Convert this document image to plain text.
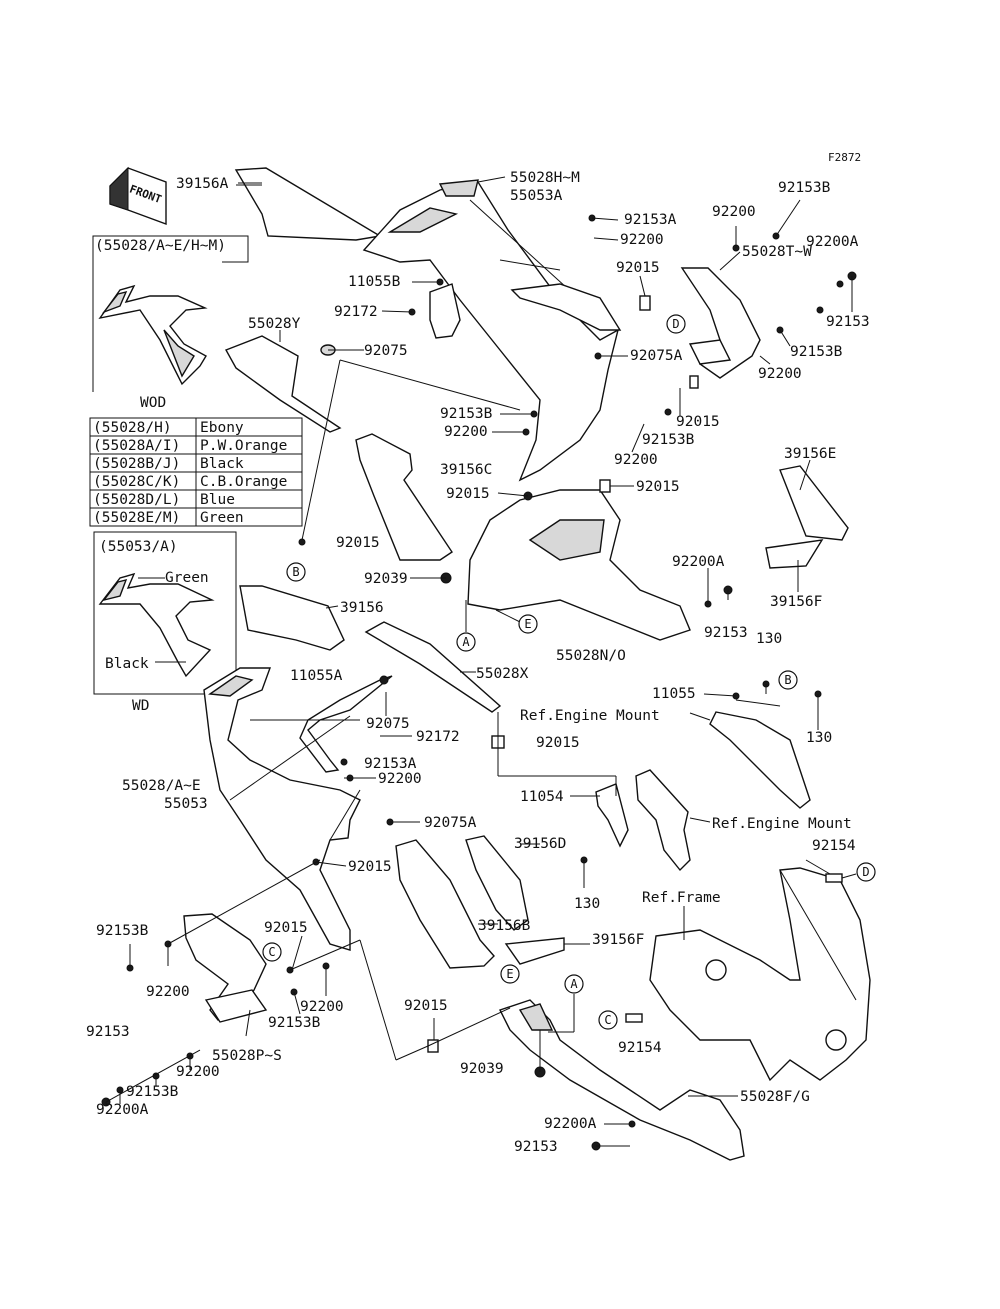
F2872
FRONT
(55028/A~E/H~M)
WOD
(55028/H) Ebony
(55028A/I) P.W.Orange
(55028B/J) Black
(55028C/K) C.B.Orange
(55028D/L) Blue
(55028E/M) Green
(55053/A)
Green
Black
WD
B
D
A
E
B
D
C
E
A
C
39156A	55028H~M
55053A
92153A
92200
92153B
92200
92200A
11055B
92015
55028T~W
92153
92172
55028Y
92075	92075A	92153B
92200
92015
92153B
92153B
92200
92200
39156C
39156E
92015	92015
92015
92200A
92039
39156F
92153
39156
55028N/O
130
55028X
11055A
11055
Ref.Engine Mount
92075
92172	130
92015
92153A
55028/A~E
55053
92200
11054
92075A	Ref.Engine Mount
39156D
92015
92154
130	Ref.Frame
92153B	92015	39156B
39156F
92200
92200
92153B
92015
92153
55028P~S	92154
92200	92039
92153B
92200A
55028F/G
92200A
92153
